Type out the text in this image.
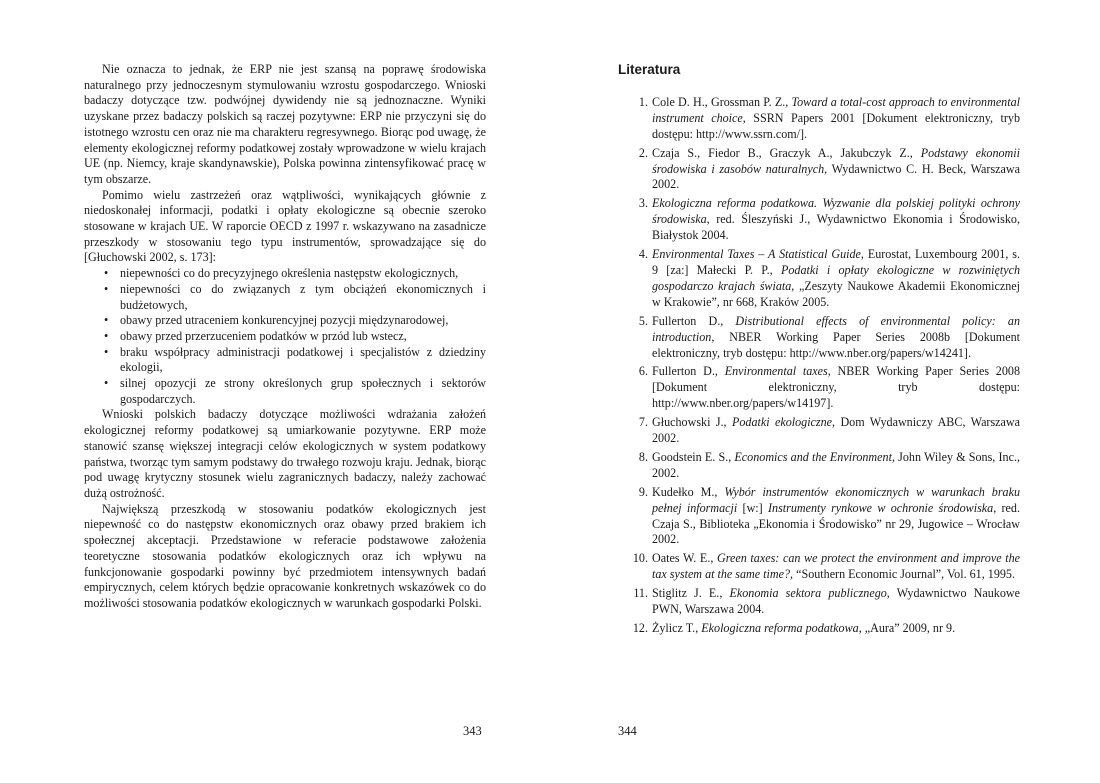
Nie oznacza to jednak, że ERP nie jest szansą na poprawę środowiska naturalnego przy jednoczesnym stymulowaniu wzrostu gospodarczego. Wnioski badaczy dotyczące tzw. podwójnej dywidendy nie są jednoznaczne. Wyniki uzyskane przez badaczy polskich są raczej pozytywne: ERP nie przyczyni się do istotnego wzrostu cen oraz nie ma charakteru regresywnego. Biorąc pod uwagę, że elementy ekologicznej reformy podatkowej zostały wprowadzone w wielu krajach UE (np. Niemcy, kraje skandynawskie), Polska powinna zintensyfikować pracę w tym obszarze.

Pomimo wielu zastrzeżeń oraz wątpliwości, wynikających głównie z niedoskonałej informacji, podatki i opłaty ekologiczne są obecnie szeroko stosowane w krajach UE. W raporcie OECD z 1997 r. wskazywano na zasadnicze przeszkody w stosowaniu tego typu instrumentów, sprowadzające się do [Głuchowski 2002, s. 173]:

• niepewności co do precyzyjnego określenia następstw ekologicznych,
• niepewności co do związanych z tym obciążeń ekonomicznych i budżetowych,
• obawy przed utraceniem konkurencyjnej pozycji międzynarodowej,
• obawy przed przerzuceniem podatków w przód lub wstecz,
• braku współpracy administracji podatkowej i specjalistów z dziedziny ekologii,
• silnej opozycji ze strony określonych grup społecznych i sektorów gospodarczych.

Wnioski polskich badaczy dotyczące możliwości wdrażania założeń ekologicznej reformy podatkowej są umiarkowanie pozytywne. ERP może stanowić szansę większej integracji celów ekologicznych w system podatkowy państwa, tworząc tym samym podstawy do trwałego rozwoju kraju. Jednak, biorąc pod uwagę krytyczny stosunek wielu zagranicznych badaczy, należy zachować dużą ostrożność.

Największą przeszkodą w stosowaniu podatków ekologicznych jest niepewność co do następstw ekonomicznych oraz obawy przed brakiem ich społecznej akceptacji. Przedstawione w referacie podstawowe założenia teoretyczne stosowania podatków ekologicznych oraz ich wpływu na funkcjonowanie gospodarki powinny być przedmiotem intensywnych badań empirycznych, celem których będzie opracowanie konkretnych wskazówek co do możliwości stosowania podatków ekologicznych w warunkach gospodarki Polski.

343
Literatura
1. Cole D. H., Grossman P. Z., Toward a total-cost approach to environmental instrument choice, SSRN Papers 2001 [Dokument elektroniczny, tryb dostępu: http://www.ssrn.com/].
2. Czaja S., Fiedor B., Graczyk A., Jakubczyk Z., Podstawy ekonomii środowiska i zasobów naturalnych, Wydawnictwo C. H. Beck, Warszawa 2002.
3. Ekologiczna reforma podatkowa. Wyzwanie dla polskiej polityki ochrony środowiska, red. Śleszyński J., Wydawnictwo Ekonomia i Środowisko, Białystok 2004.
4. Environmental Taxes – A Statistical Guide, Eurostat, Luxembourg 2001, s. 9 [za:] Małecki P. P., Podatki i opłaty ekologiczne w rozwiniętych gospodarczo krajach świata, „Zeszyty Naukowe Akademii Ekonomicznej w Krakowie”, nr 668, Kraków 2005.
5. Fullerton D., Distributional effects of environmental policy: an introduction, NBER Working Paper Series 2008b [Dokument elektroniczny, tryb dostępu: http://www.nber.org/papers/w14241].
6. Fullerton D., Environmental taxes, NBER Working Paper Series 2008 [Dokument elektroniczny, tryb dostępu: http://www.nber.org/papers/w14197].
7. Głuchowski J., Podatki ekologiczne, Dom Wydawniczy ABC, Warszawa 2002.
8. Goodstein E. S., Economics and the Environment, John Wiley & Sons, Inc., 2002.
9. Kudełko M., Wybór instrumentów ekonomicznych w warunkach braku pełnej informacji [w:] Instrumenty rynkowe w ochronie środowiska, red. Czaja S., Biblioteka „Ekonomia i Środowisko” nr 29, Jugowice – Wrocław 2002.
10. Oates W. E., Green taxes: can we protect the environment and improve the tax system at the same time?, “Southern Economic Journal”, Vol. 61, 1995.
11. Stiglitz J. E., Ekonomia sektora publicznego, Wydawnictwo Naukowe PWN, Warszawa 2004.
12. Żylicz T., Ekologiczna reforma podatkowa, „Aura” 2009, nr 9.
344
